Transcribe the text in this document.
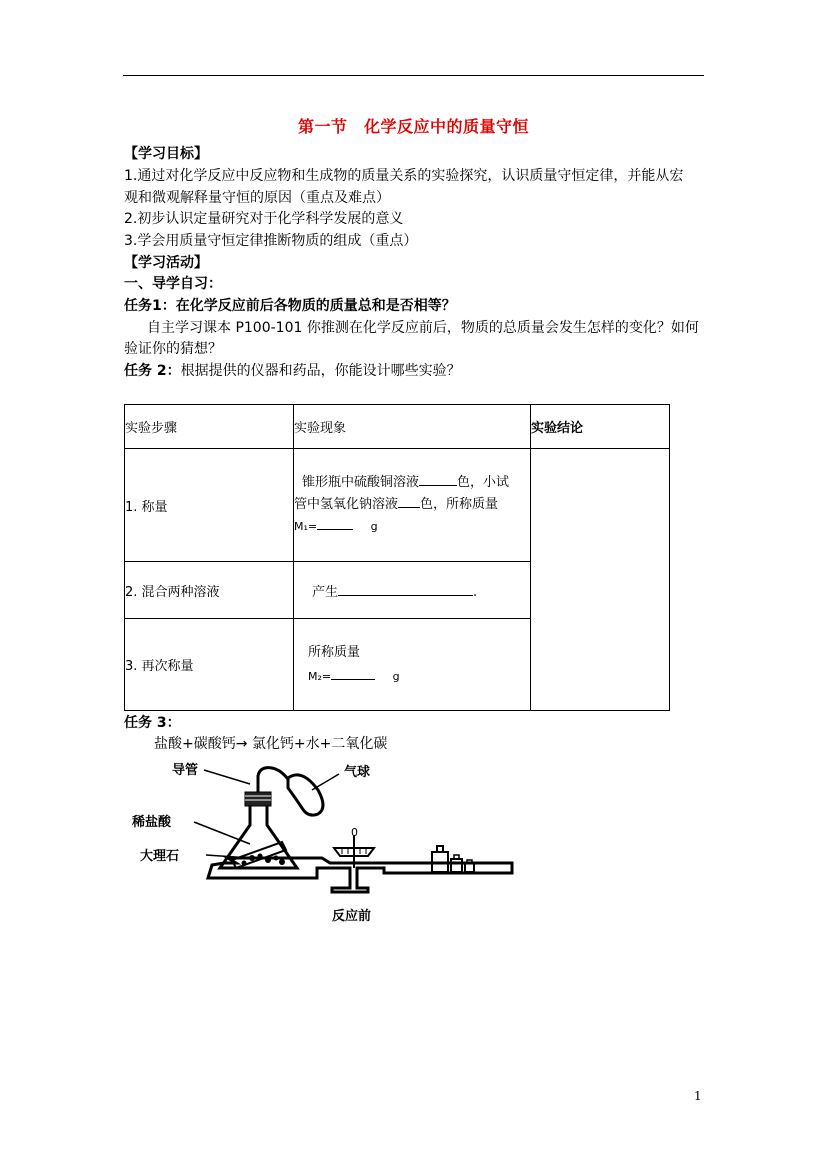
第一节　化学反应中的质量守恒
【学习目标】
1.通过对化学反应中反应物和生成物的质量关系的实验探究，认识质量守恒定律，并能从宏
观和微观解释量守恒的原因（重点及难点）
2.初步认识定量研究对于化学科学发展的意义
3.学会用质量守恒定律推断物质的组成（重点）
【学习活动】
一、导学自习：
任务1：在化学反应前后各物质的质量总和是否相等？
自主学习课本 P100-101 你推测在化学反应前后，物质的总质量会发生怎样的变化？如何
验证你的猜想？
任务 2：根据提供的仪器和药品，你能设计哪些实验？
实验步骤	实验现象	实验结论
1. 称量	锥形瓶中硫酸铜溶液 色，小试
管中氢氧化钠溶液 色，所称质量
M₁= g	

2. 混合两种溶液	产生 .	

3. 再次称量	所称质量
M₂= g	
任务 3：
盐酸+碳酸钙→ 氯化钙+水+二氧化碳
导管	气球
稀盐酸
大理石
0
反应前
1
